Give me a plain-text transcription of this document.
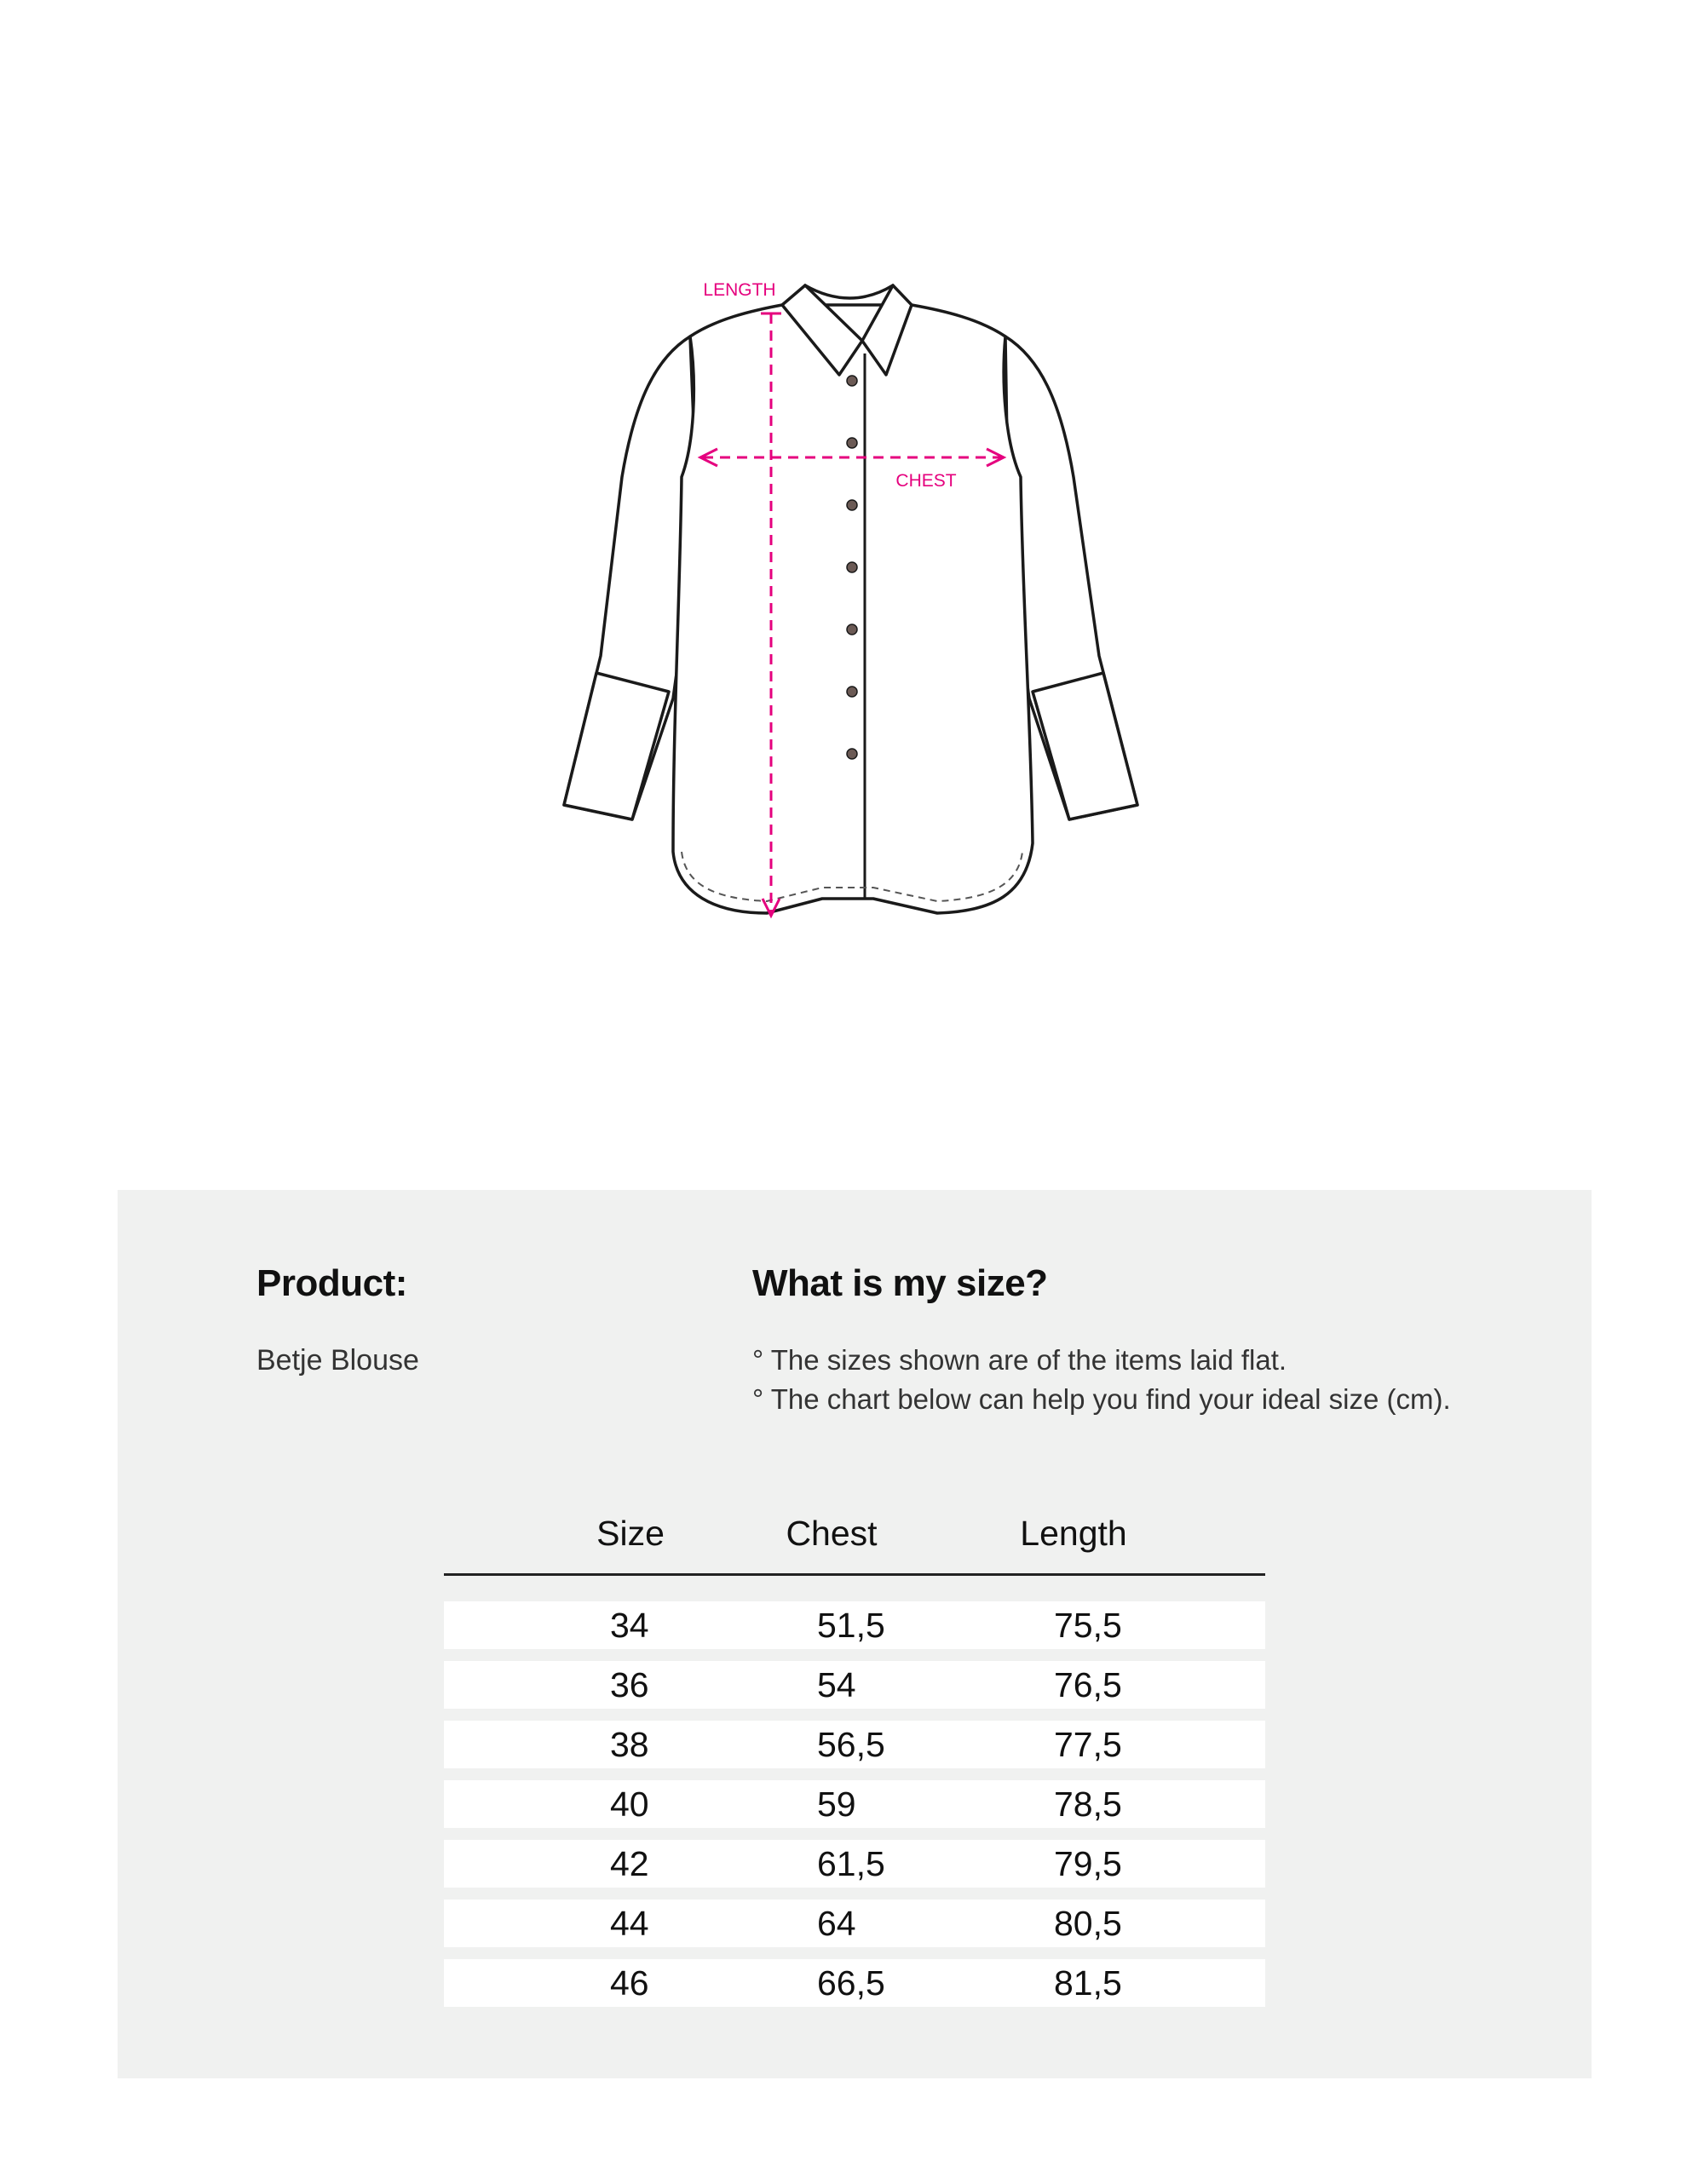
LENGTH
CHEST
Product:
Betje Blouse
What is my size?
° The sizes shown are of the items laid flat.
° The chart below can help you find your ideal size (cm).
Size	Chest	Length
34	51,5	75,5
36	54	76,5
38	56,5	77,5
40	59	78,5
42	61,5	79,5
44	64	80,5
46	66,5	81,5
